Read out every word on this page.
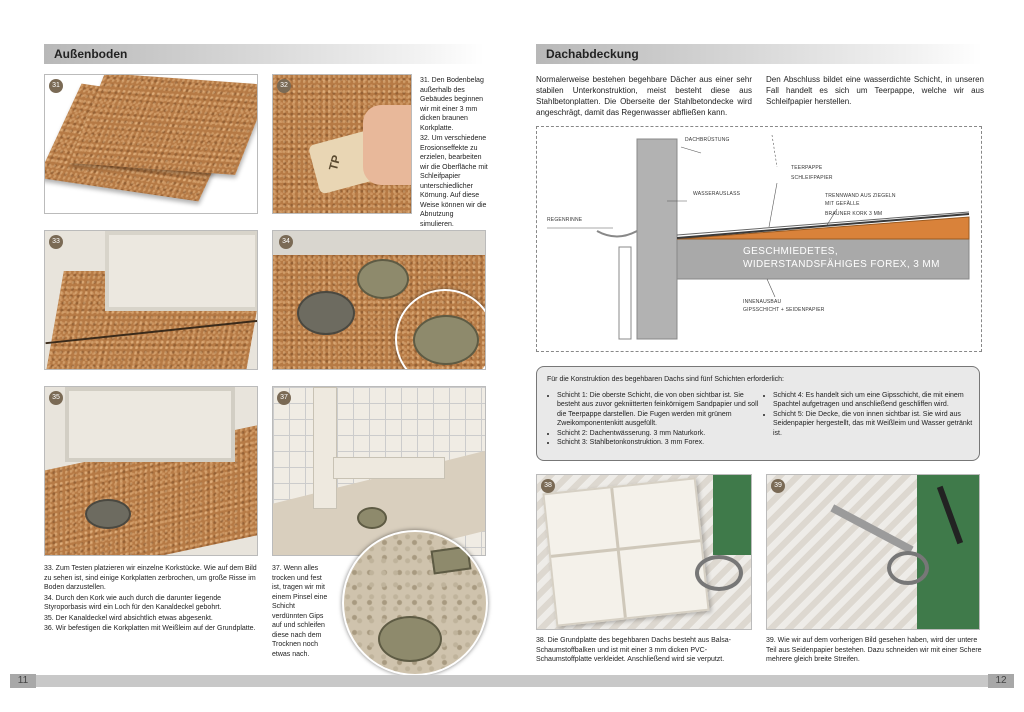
Außenboden
31
TP
32

31. Den Bodenbelag außerhalb des Gebäudes beginnen wir mit einer 3 mm dicken braunen Korkplatte.

32. Um verschiedene Erosionseffekte zu erzielen, bearbeiten wir die Oberfläche mit Schleifpapier unterschiedlicher Körnung. Auf diese Weise können wir die Abnutzung simulieren.

33	34
35	37

33. Zum Testen platzieren wir einzelne Korkstücke. Wie auf dem Bild zu sehen ist, sind einige Korkplatten zerbrochen, um große Risse im Boden darzustellen.

34. Durch den Kork wie auch durch die darunter liegende Styroporbasis wird ein Loch für den Kanaldeckel gebohrt.

35. Der Kanaldeckel wird absichtlich etwas abgesenkt.

36. Wir befestigen die Korkplatten mit Weißleim auf der Grundplatte.

37. Wenn alles trocken und fest ist, tragen wir mit einem Pinsel eine Schicht verdünnten Gips auf und schleifen diese nach dem Trocknen noch etwas nach.
11
Dachabdeckung
Normalerweise bestehen begehbare Dächer aus einer sehr stabilen Unterkonstruktion, meist besteht diese aus Stahlbetonplatten. Die Oberseite der Stahlbetondecke wird angeschrägt, damit das Regenwasser abfließen kann.
Den Abschluss bildet eine wasserdichte Schicht, in unseren Fall handelt es sich um Teerpappe, welche wir aus Schleifpapier herstellen.
DACHBRÜSTUNG
TEERPAPPE
SCHLEIFPAPIER
WASSERAUSLASS	TRENNWAND AUS ZIEGELN
MIT GEFÄLLE
BRAUNER KORK 3 MM
REGENRINNE
GESCHMIEDETES,
WIDERSTANDSFÄHIGES FOREX, 3 MM
INNENAUSBAU
GIPSSCHICHT + SEIDENPAPIER
Für die Konstruktion des begehbaren Dachs sind fünf Schichten erforderlich:
• Schicht 1: Die oberste Schicht, die von oben sichtbar ist. Sie besteht aus zuvor gekniitterten feinkörnigem Sandpapier und soll die Teerpappe darstellen. Die Fugen werden mit grünem Zweikomponentenkitt ausgefüllt.
• Schicht 2: Dachentwässerung. 3 mm Naturkork.
• Schicht 3: Stahlbetonkonstruktion. 3 mm Forex.
• Schicht 4: Es handelt sich um eine Gipsschicht, die mit einem Spachtel aufgetragen und anschließend geschliffen wird.
• Schicht 5: Die Decke, die von innen sichtbar ist. Sie wird aus Seidenpapier hergestellt, das mit Weißleim und Wasser getränkt ist.
38	39
38. Die Grundplatte des begehbaren Dachs besteht aus Balsa-Schaumstoffbalken und ist mit einer 3 mm dicken PVC-Schaumstoffplatte verkleidet. Anschließend wird sie verputzt.
39. Wie wir auf dem vorherigen Bild gesehen haben, wird der untere Teil aus Seidenpapier bestehen. Dazu schneiden wir mit einer Schere mehrere gleich breite Streifen.
12
